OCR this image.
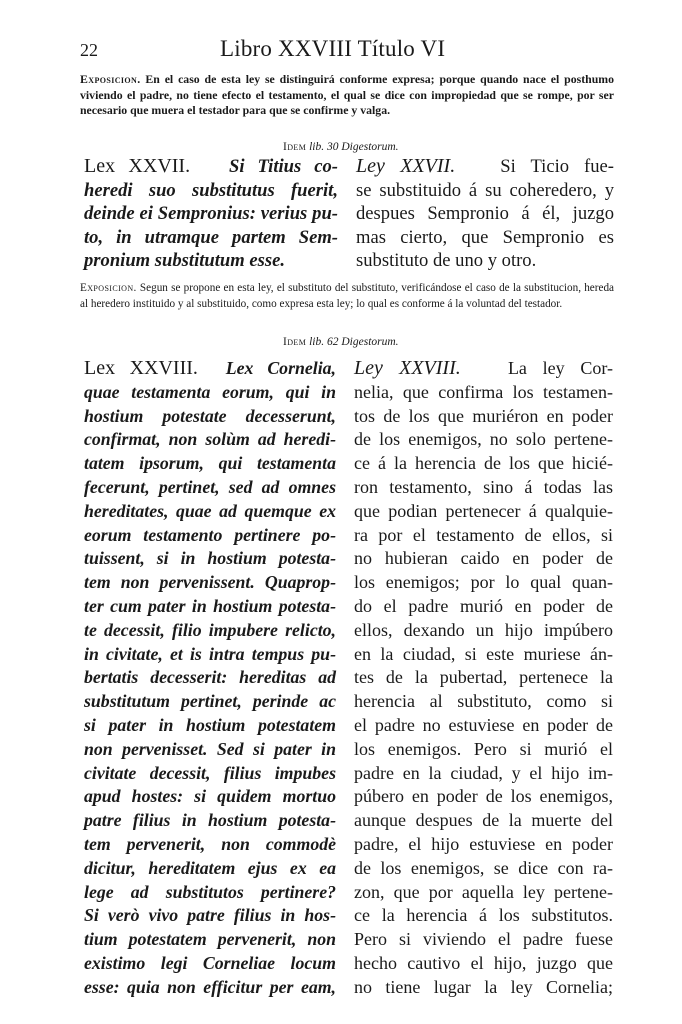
22	Libro XXVIII Título VI
Exposicion. En el caso de esta ley se distinguirá conforme expresa; porque quando nace el posthumo viviendo el padre, no tiene efecto el testamento, el qual se dice con impropiedad que se rompe, por ser necesario que muera el testador para que se confirme y valga.
Idem lib. 30 Digestorum.
Lex XXVII. Si Titius co-
heredi suo substitutus fuerit,
deinde ei Sempronius: verius pu-
to, in utramque partem Sem-
pronium substitutum esse.
Ley XXVII. Si Ticio fue-
se substituido á su coheredero, y
despues Sempronio á él, juzgo
mas cierto, que Sempronio es
substituto de uno y otro.
Exposicion. Segun se propone en esta ley, el substituto del substituto, verificándose el caso de la substitucion, hereda al heredero instituido y al substituido, como expresa esta ley; lo qual es conforme á la voluntad del testador.
Idem lib. 62 Digestorum.
Lex XXVIII. Lex Cornelia,
quae testamenta eorum, qui in
hostium potestate decesserunt,
confirmat, non solùm ad heredi-
tatem ipsorum, qui testamenta
fecerunt, pertinet, sed ad omnes
hereditates, quae ad quemque ex
eorum testamento pertinere po-
tuissent, si in hostium potesta-
tem non pervenissent. Quaprop-
ter cum pater in hostium potesta-
te decessit, filio impubere relicto,
in civitate, et is intra tempus pu-
bertatis decesserit: hereditas ad
substitutum pertinet, perinde ac
si pater in hostium potestatem
non pervenisset. Sed si pater in
civitate decessit, filius impubes
apud hostes: si quidem mortuo
patre filius in hostium potesta-
tem pervenerit, non commodè
dicitur, hereditatem ejus ex ea
lege ad substitutos pertinere?
Si verò vivo patre filius in hos-
tium potestatem pervenerit, non
existimo legi Corneliae locum
esse: quia non efficitur per eam,
Ley XXVIII.	La ley Cor-
nelia, que confirma los testamen-
tos de los que muriéron en poder
de los enemigos, no solo pertene-
ce á la herencia de los que hicié-
ron testamento, sino á todas las
que podian pertenecer á qualquie-
ra por el testamento de ellos, si
no hubieran caido en poder de
los enemigos; por lo qual quan-
do el padre murió en poder de
ellos, dexando un hijo impúbero
en la ciudad, si este muriese án-
tes de la pubertad, pertenece la
herencia al substituto, como si
el padre no estuviese en poder de
los enemigos. Pero si murió el
padre en la ciudad, y el hijo im-
púbero en poder de los enemigos,
aunque despues de la muerte del
padre, el hijo estuviese en poder
de los enemigos, se dice con ra-
zon, que por aquella ley pertene-
ce la herencia á los substitutos.
Pero si viviendo el padre fuese
hecho cautivo el hijo, juzgo que
no tiene lugar la ley Cornelia;
